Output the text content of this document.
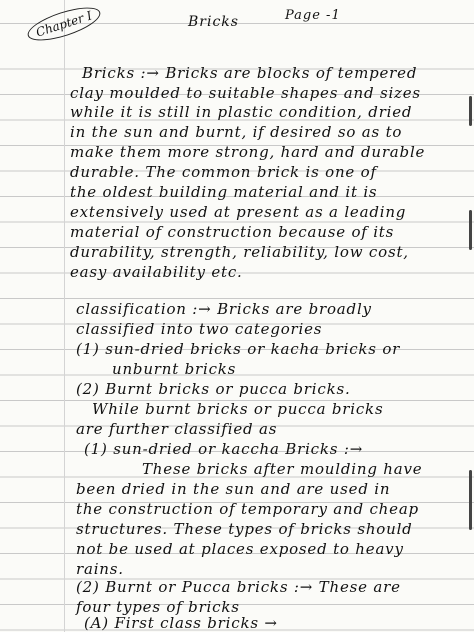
Chapter I	Bricks	Page -1
Bricks :→ Bricks are blocks of tempered
clay moulded to suitable shapes and sizes
while it is still in plastic condition, dried
in the sun and burnt, if desired so as to
make them more strong, hard and durable
durable. The common brick is one of
the oldest building material and it is
extensively used at present as a leading
material of construction because of its
durability, strength, reliability, low cost,
easy availability etc.
classification :→ Bricks are broadly
classified into two categories
(1) sun-dried bricks or kacha bricks or
unburnt bricks
(2) Burnt bricks or pucca bricks.
While burnt bricks or pucca bricks
are further classified as
(1) sun-dried or kaccha Bricks :→
These bricks after moulding have
been dried in the sun and are used in
the construction of temporary and cheap
structures. These types of bricks should
not be used at places exposed to heavy
rains.
(2) Burnt or Pucca bricks :→ These are
four types of bricks
(A) First class bricks →
